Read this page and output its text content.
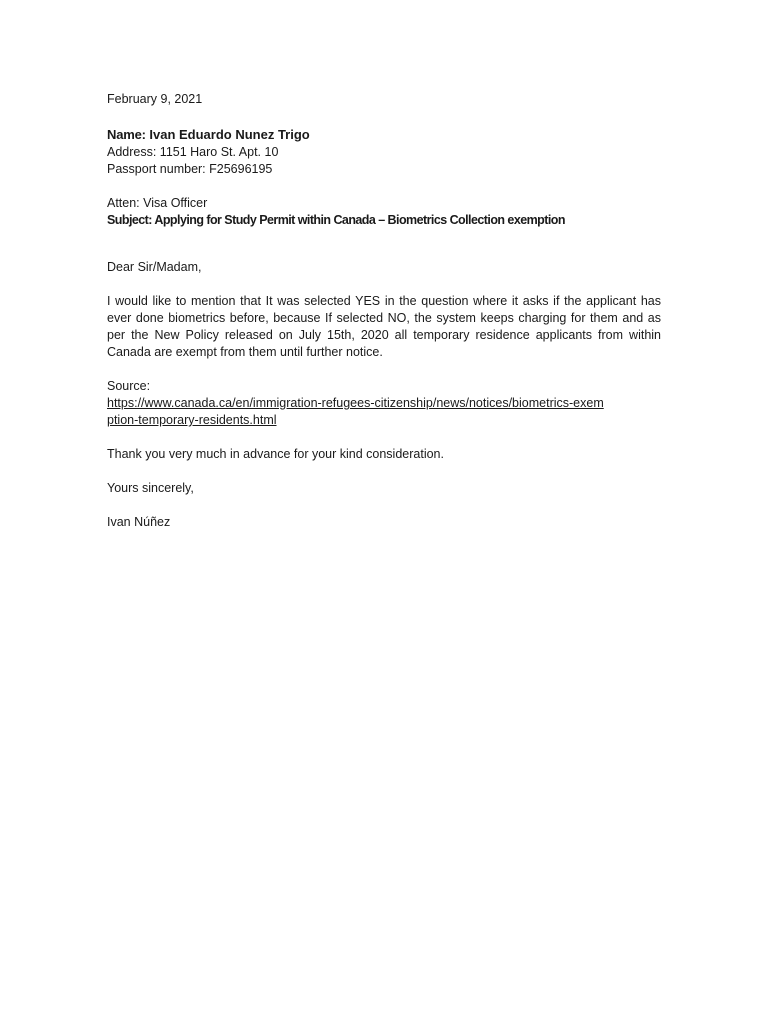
February 9, 2021
Name: Ivan Eduardo Nunez Trigo
Address: 1151 Haro St. Apt. 10
Passport number: F25696195
Atten: Visa Officer
Subject: Applying for Study Permit within Canada – Biometrics Collection exemption
Dear Sir/Madam,

I would like to mention that It was selected YES in the question where it asks if the applicant has ever done biometrics before, because If selected NO, the system keeps charging for them and as per the New Policy released on July 15th, 2020 all temporary residence applicants from within Canada are exempt from them until further notice.

Source:
https://www.canada.ca/en/immigration-refugees-citizenship/news/notices/biometrics-exemption-temporary-residents.html
Thank you very much in advance for your kind consideration.
Yours sincerely,
Ivan Núñez
